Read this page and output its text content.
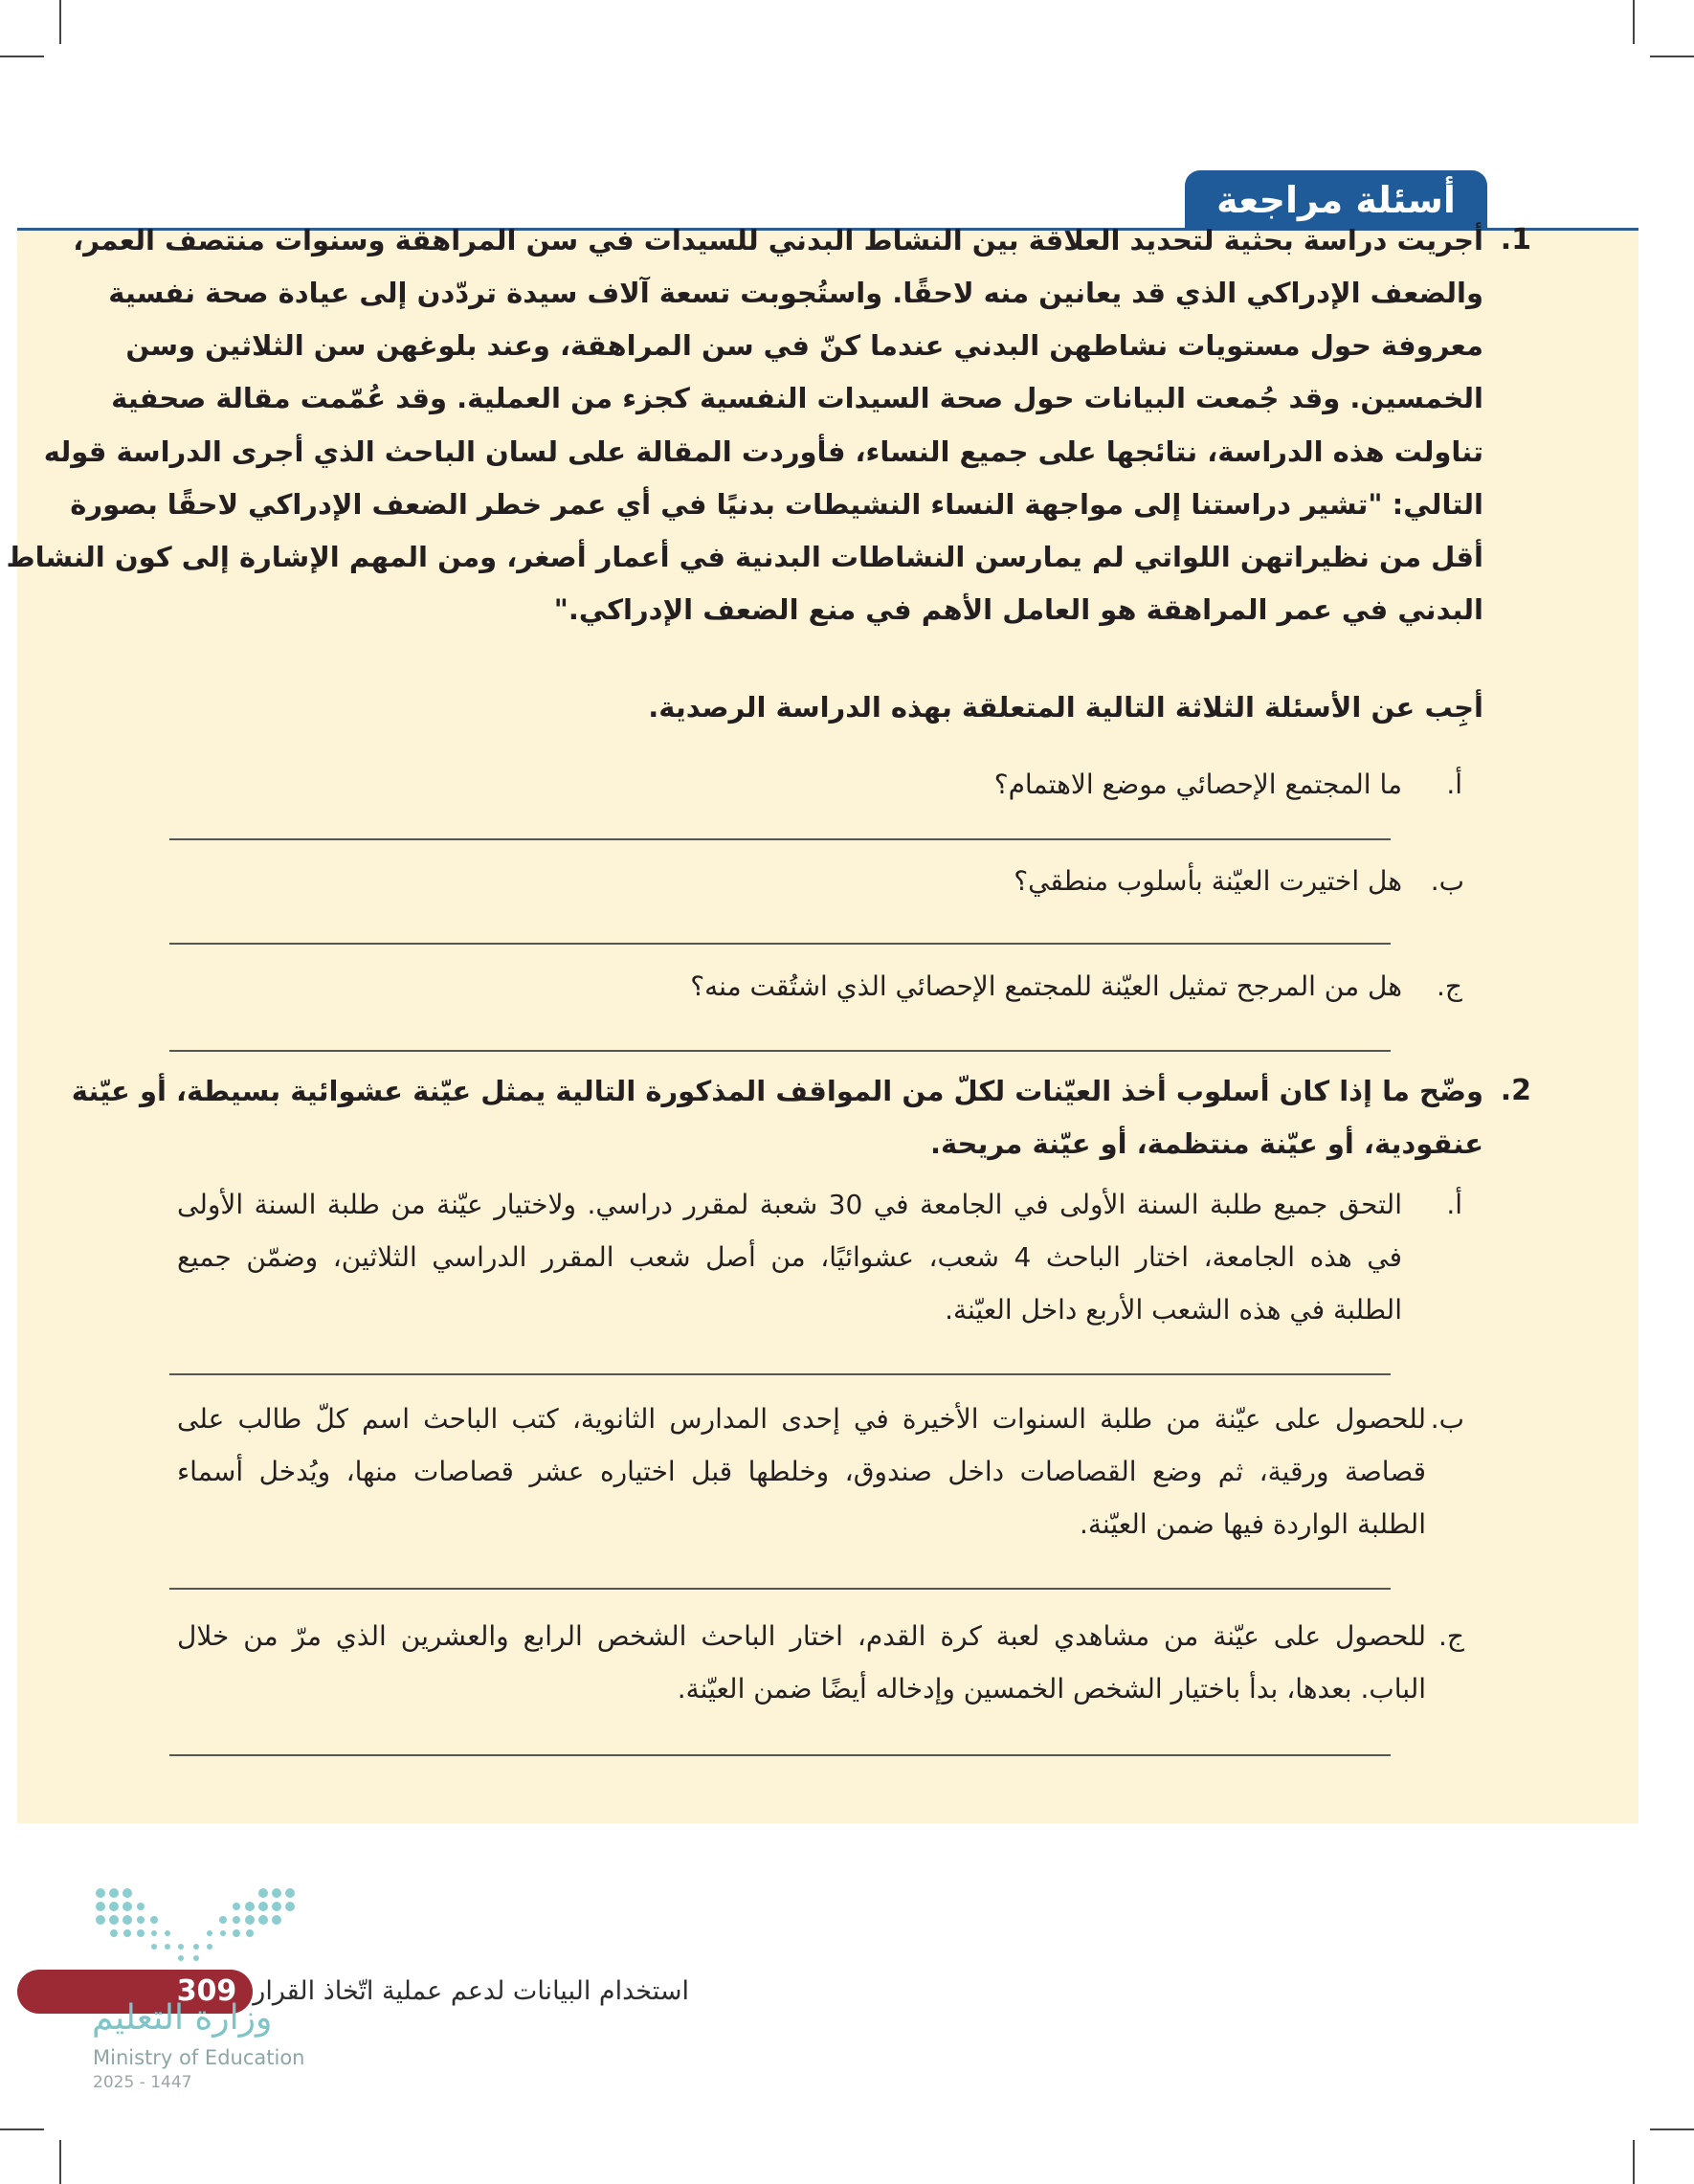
أسئلة مراجعة
1.

أجريت دراسة بحثية لتحديد العلاقة بين النشاط البدني للسيدات في سن المراهقة وسنوات منتصف العمر،

والضعف الإدراكي الذي قد يعانين منه لاحقًا. واستُجوبت تسعة آلاف سيدة تردّدن إلى عيادة صحة نفسية

معروفة حول مستويات نشاطهن البدني عندما كنّ في سن المراهقة، وعند بلوغهن سن الثلاثين وسن

الخمسين. وقد جُمعت البيانات حول صحة السيدات النفسية كجزء من العملية. وقد عُمّمت مقالة صحفية

تناولت هذه الدراسة، نتائجها على جميع النساء، فأوردت المقالة على لسان الباحث الذي أجرى الدراسة قوله

التالي: "تشير دراستنا إلى مواجهة النساء النشيطات بدنيًا في أي عمر خطر الضعف الإدراكي لاحقًا بصورة

أقل من نظيراتهن اللواتي لم يمارسن النشاطات البدنية في أعمار أصغر، ومن المهم الإشارة إلى كون النشاط

البدني في عمر المراهقة هو العامل الأهم في منع الضعف الإدراكي."

أجِب عن الأسئلة الثلاثة التالية المتعلقة بهذه الدراسة الرصدية.

أ.

ما المجتمع الإحصائي موضع الاهتمام؟

ب.

هل اختيرت العيّنة بأسلوب منطقي؟

ج.

هل من المرجح تمثيل العيّنة للمجتمع الإحصائي الذي اشتُقت منه؟

2.

وضّح ما إذا كان أسلوب أخذ العيّنات لكلّ من المواقف المذكورة التالية يمثل عيّنة عشوائية بسيطة، أو عيّنة

عنقودية، أو عيّنة منتظمة، أو عيّنة مريحة.

أ.

التحق جميع طلبة السنة الأولى في الجامعة في 30 شعبة لمقرر دراسي. ولاختيار عيّنة من طلبة السنة الأولى

في هذه الجامعة، اختار الباحث 4 شعب، عشوائيًا، من أصل شعب المقرر الدراسي الثلاثين، وضمّن جميع

الطلبة في هذه الشعب الأربع داخل العيّنة.

ب.

للحصول على عيّنة من طلبة السنوات الأخيرة في إحدى المدارس الثانوية، كتب الباحث اسم كلّ طالب على

قصاصة ورقية، ثم وضع القصاصات داخل صندوق، وخلطها قبل اختياره عشر قصاصات منها، ويُدخل أسماء

الطلبة الواردة فيها ضمن العيّنة.

ج.

للحصول على عيّنة من مشاهدي لعبة كرة القدم، اختار الباحث الشخص الرابع والعشرين الذي مرّ من خلال

الباب. بعدها، بدأ باختيار الشخص الخمسين وإدخاله أيضًا ضمن العيّنة.

309 استخدام البيانات لدعم عملية اتّخاذ القرار
وزارة التعليم
Ministry of Education
2025 - 1447
